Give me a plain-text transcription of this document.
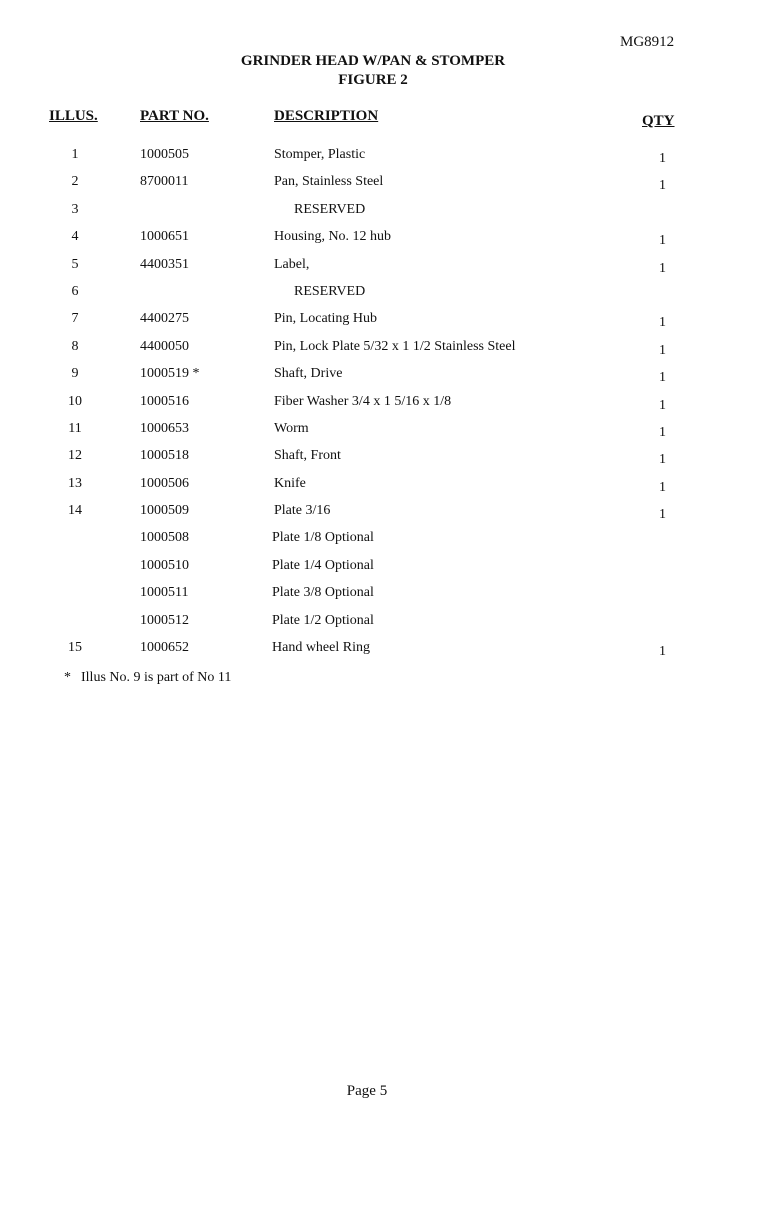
MG8912
GRINDER HEAD W/PAN & STOMPER
FIGURE 2
ILLUS.	PART NO.	DESCRIPTION	QTY
1	1000505	Stomper, Plastic	1
2	8700011	Pan, Stainless Steel	1
3	RESERVED
4	1000651	Housing, No. 12 hub	1
5	4400351	Label,	1
6	RESERVED
7	4400275	Pin, Locating Hub	1
8	4400050	Pin, Lock Plate 5/32 x 1 1/2 Stainless Steel	1
9	1000519 *	Shaft, Drive	1
10	1000516	Fiber Washer 3/4 x 1 5/16 x 1/8	1
11	1000653	Worm	1
12	1000518	Shaft, Front	1
13	1000506	Knife	1
14	1000509	Plate 3/16	1
1000508	Plate 1/8 Optional
1000510	Plate 1/4 Optional
1000511	Plate 3/8 Optional
1000512	Plate 1/2 Optional
15	1000652	Hand wheel Ring	1
* Illus No. 9 is part of No 11
Page 5
